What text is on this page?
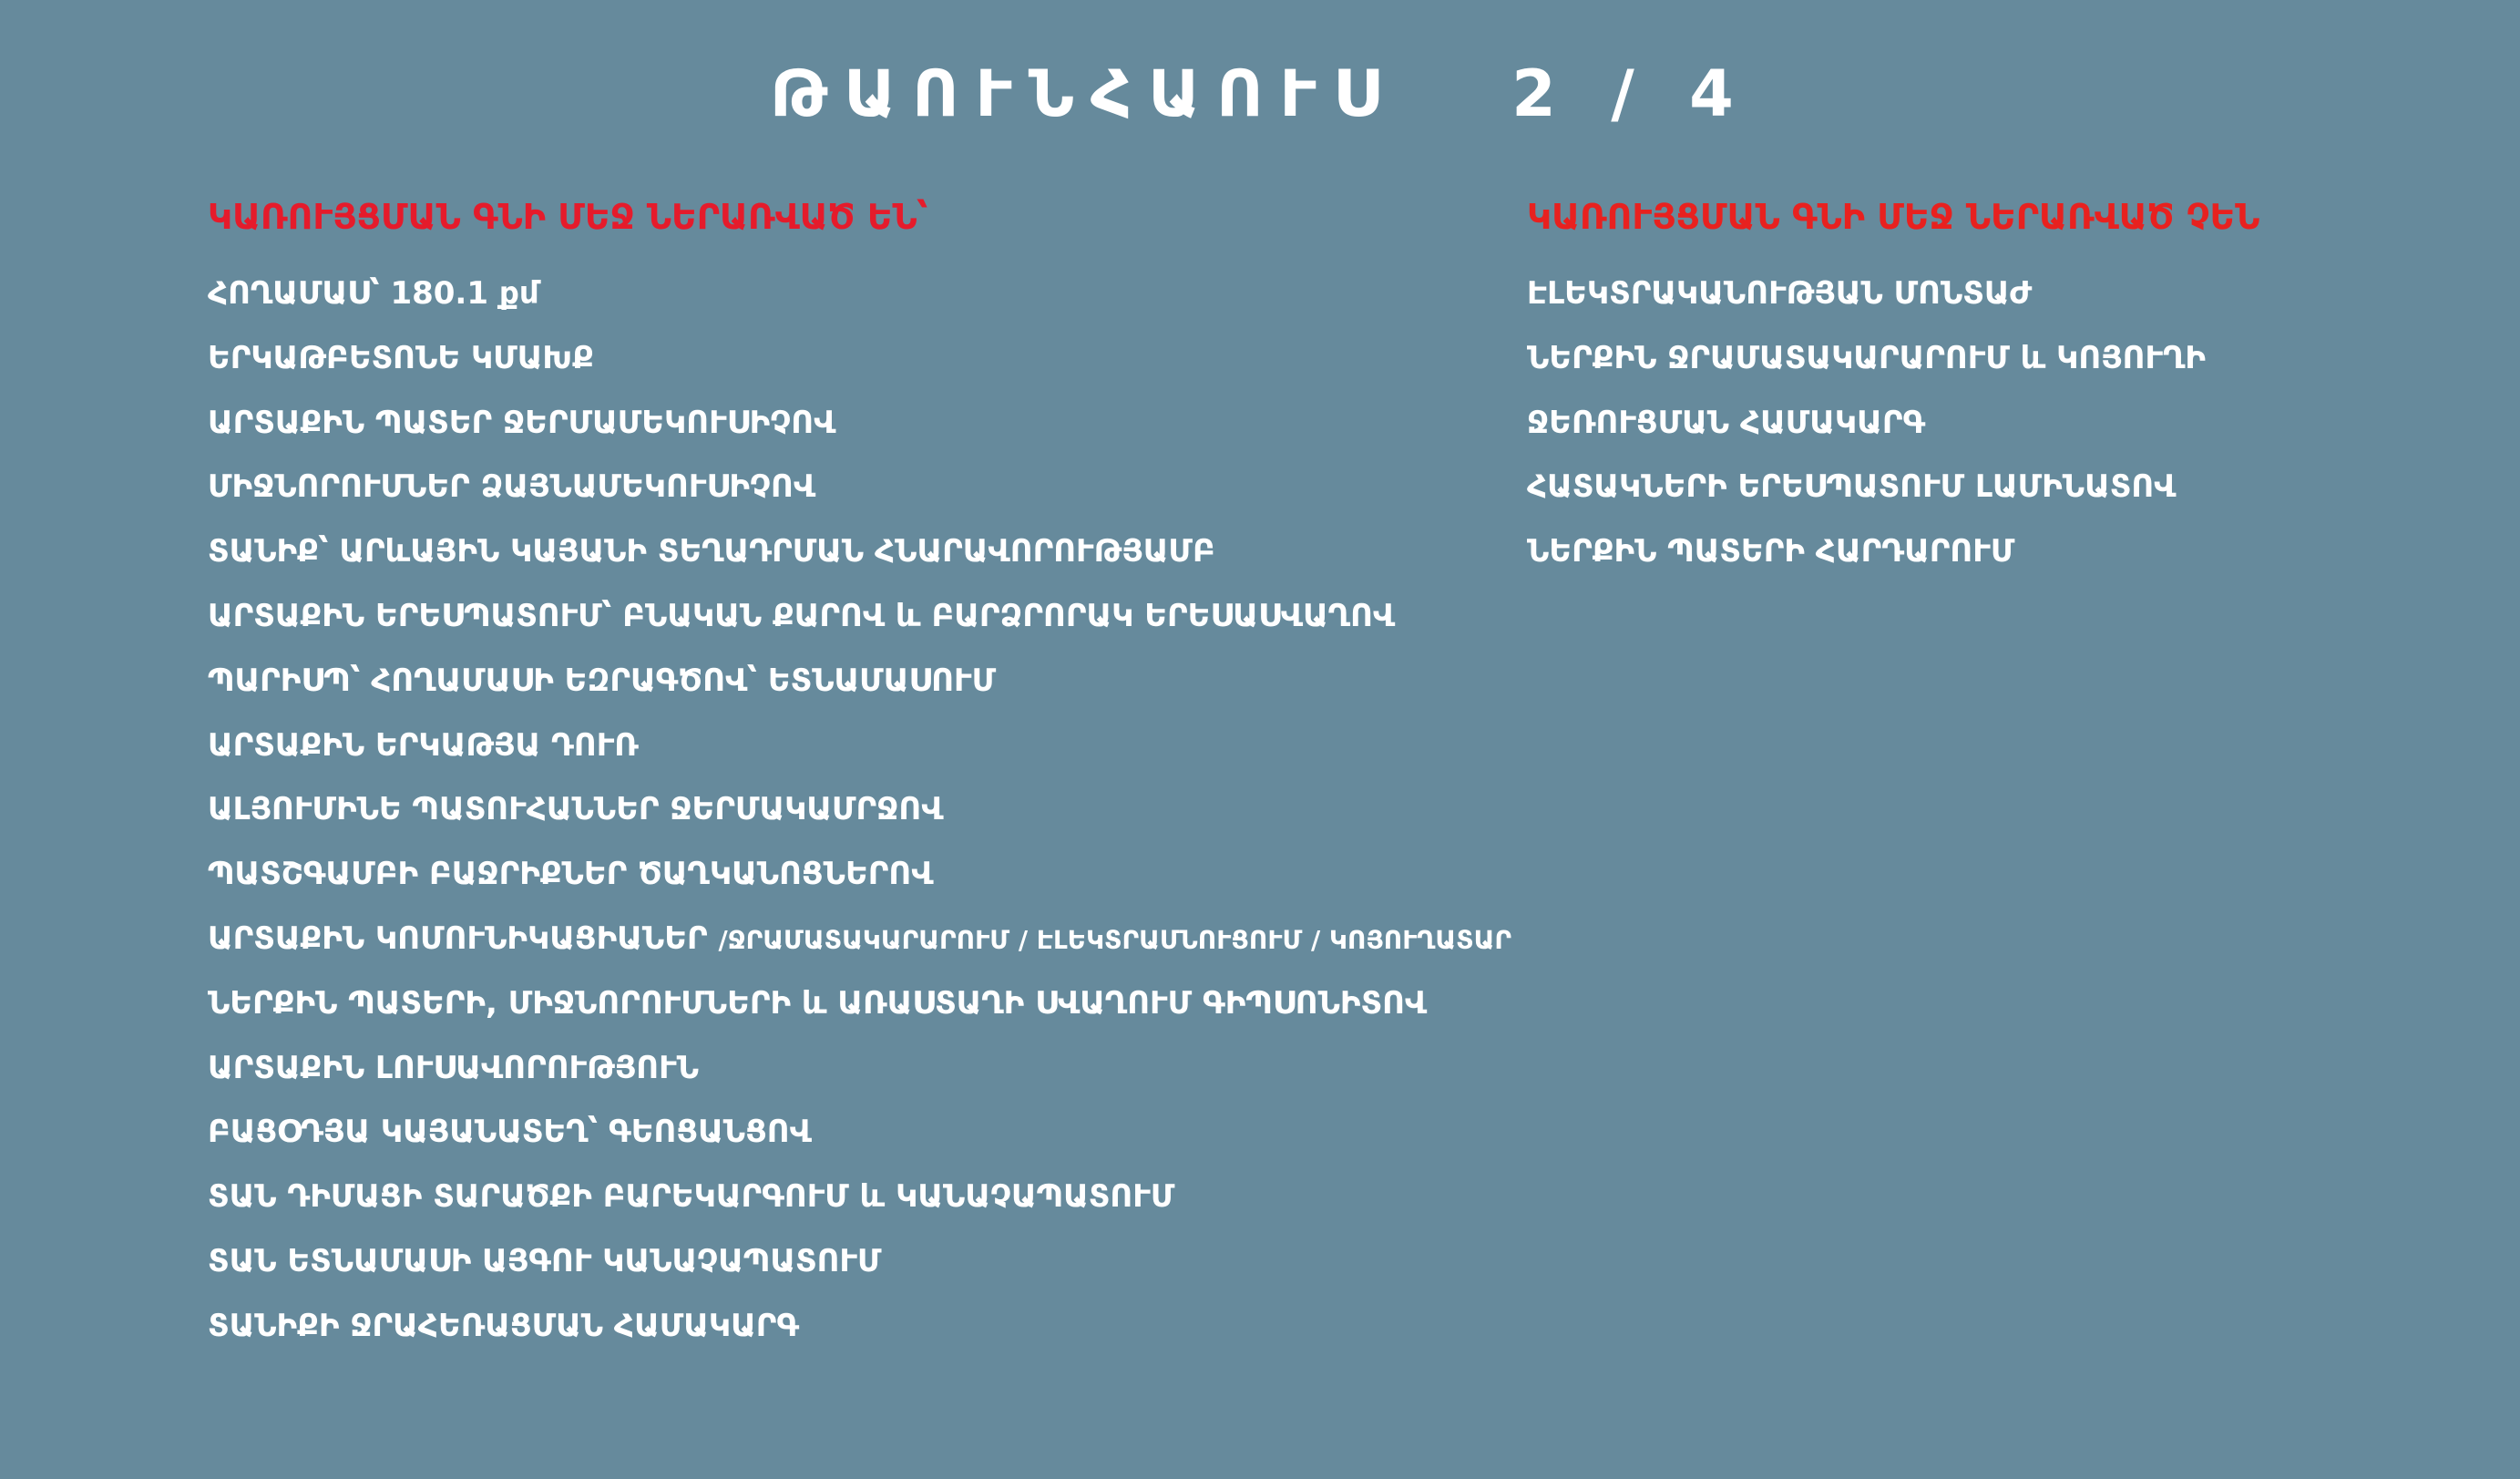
ԹԱՈՒՆՀԱՈՒՍ   2 / 4
ԿԱՌՈՒՅՑՄԱՆ ԳՆԻ ՄԵՋ ՆԵՐԱՌՎԱԾ ԵՆ՝
ՀՈՂԱՄԱՍ՝ 180.1 քմ
ԵՐԿԱԹԲԵՏՈՆԵ ԿՄԱԽՔ
ԱՐՏԱՔԻՆ ՊԱՏԵՐ ՋԵՐՄԱՄԵԿՈՒՍԻՉՈՎ
ՄԻՋՆՈՐՈՒՄՆԵՐ ՁԱՅՆԱՄԵԿՈՒՍԻՉՈՎ
ՏԱՆԻՔ՝ ԱՐևԱՅԻՆ ԿԱՅԱՆԻ ՏԵՂԱԴՐՄԱՆ ՀՆԱՐԱՎՈՐՈՒԹՅԱՄԲ
ԱՐՏԱՔԻՆ ԵՐԵՍՊԱՏՈՒՄ՝ ԲՆԱԿԱՆ ՔԱՐՈՎ և ԲԱՐՁՐՈՐԱԿ ԵՐԵՍԱՍՎԱՂՈՎ
ՊԱՐԻՍՊ՝ ՀՈՂԱՄԱՍԻ ԵԶՐԱԳԾՈՎ՝ ԵՏՆԱՄԱՍՈՒՄ
ԱՐՏԱՔԻՆ ԵՐԿԱԹՅԱ ԴՈՒՌ
ԱԼՅՈՒՄԻՆԵ ՊԱՏՈՒՀԱՆՆԵՐ ՋԵՐՄԱԿԱՄՐՋՈՎ
ՊԱՏՇԳԱՄԲԻ ԲԱՋՐԻՔՆԵՐ ԾԱՂԿԱՆՈՑՆԵՐՈՎ
ԱՐՏԱՔԻՆ ԿՈՄՈՒՆԻԿԱՑԻԱՆԵՐ /ՋՐԱՄԱՏԱԿԱՐԱՐՈՒՄ / ԷԼԵԿՏՐԱՄՆՈՒՑՈՒՄ / ԿՈՅՈՒՂԱՏԱՐ
ՆԵՐՔԻՆ ՊԱՏԵՐԻ, ՄԻՋՆՈՐՈՒՄՆԵՐԻ և ԱՌԱՍՏԱՂԻ ՍՎԱՂՈՒՄ ԳԻՊՍՈՆԻՏՈՎ
ԱՐՏԱՔԻՆ ԼՈՒՍԱՎՈՐՈՒԹՅՈՒՆ
ԲԱՑՕԴՅԱ ԿԱՅԱՆԱՏԵՂ՝ ԳԵՈՑԱՆՑՈՎ
ՏԱՆ ԴԻՄԱՑԻ ՏԱՐԱԾՔԻ ԲԱՐԵԿԱՐԳՈՒՄ և ԿԱՆԱՉԱՊԱՏՈՒՄ
ՏԱՆ ԵՏՆԱՄԱՍԻ ԱՅԳՈՒ ԿԱՆԱՉԱՊԱՏՈՒՄ
ՏԱՆԻՔԻ ՋՐԱՀԵՌԱՑՄԱՆ ՀԱՄԱԿԱՐԳ
ԿԱՌՈՒՅՑՄԱՆ ԳՆԻ ՄԵՋ ՆԵՐԱՌՎԱԾ ՉԵՆ
ԷԼԵԿՏՐԱԿԱՆՈՒԹՅԱՆ ՄՈՆՏԱԺ
ՆԵՐՔԻՆ ՋՐԱՄԱՏԱԿԱՐԱՐՈՒՄ և ԿՈՅՈՒՂԻ
ՋԵՌՈՒՑՄԱՆ ՀԱՄԱԿԱՐԳ
ՀԱՏԱԿՆԵՐԻ ԵՐԵՍՊԱՏՈՒՄ ԼԱՄԻՆԱՏՈՎ
ՆԵՐՔԻՆ ՊԱՏԵՐԻ ՀԱՐԴԱՐՈՒՄ
